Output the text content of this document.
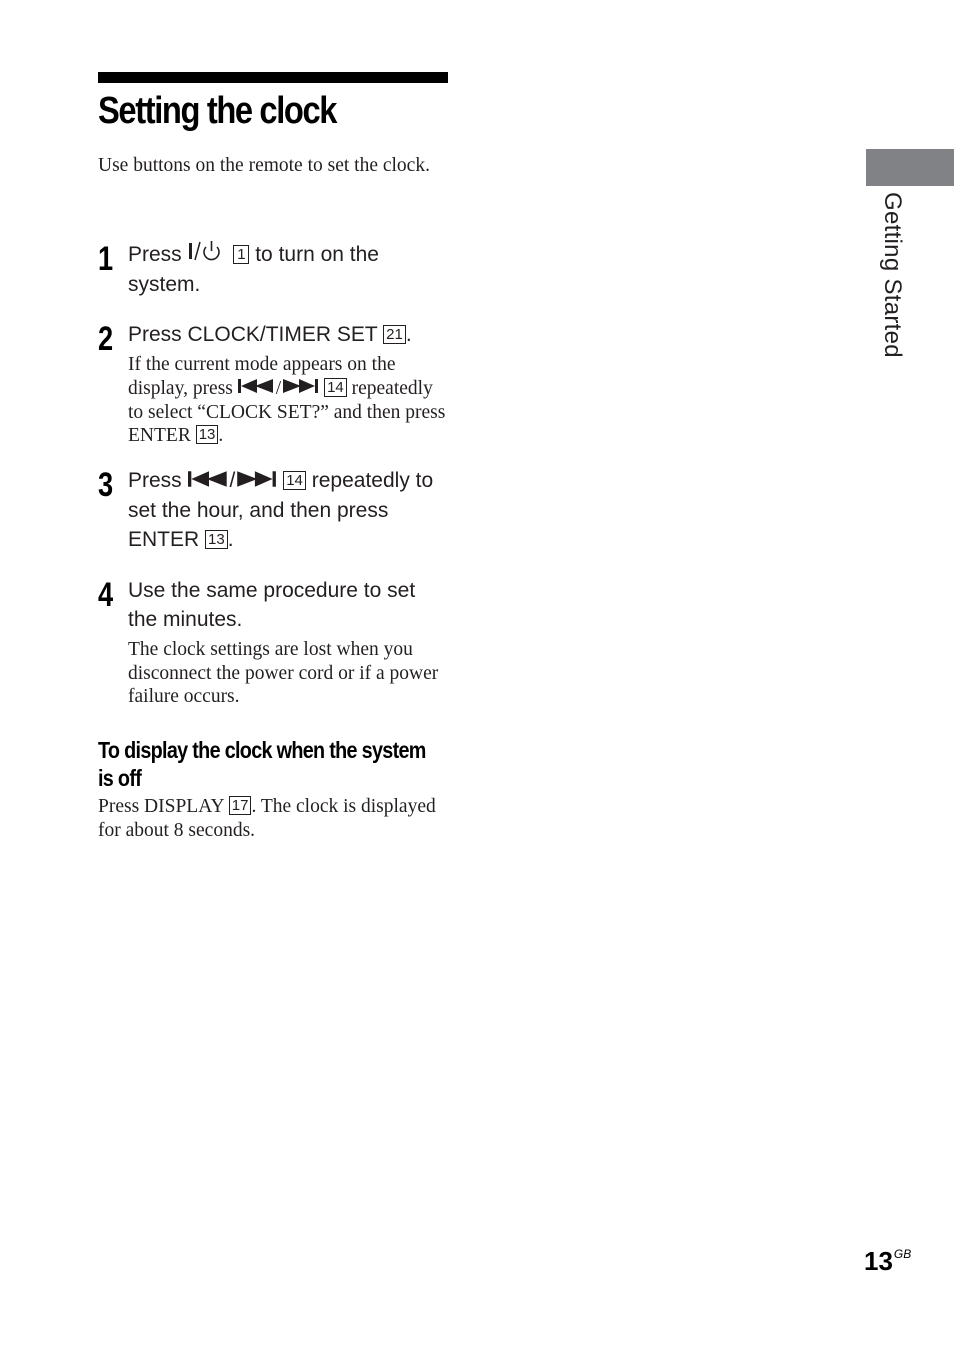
Setting the clock

Use buttons on the remote to set the clock.

1 Press	1 to turn on the system.

2 Press CLOCK/TIMER SET 21 .

If the current mode appears on the display, press /	14 repeatedly to select “CLOCK SET?” and then press ENTER 13 .

3 Press /	14 repeatedly to set the hour, and then press ENTER 13 .

4 Use the same procedure to set the minutes.

The clock settings are lost when you disconnect the power cord or if a power failure occurs.

To display the clock when the system is off

Press DISPLAY 17 . The clock is displayed for about 8 seconds.

Getting Started
$13^{GB}$
